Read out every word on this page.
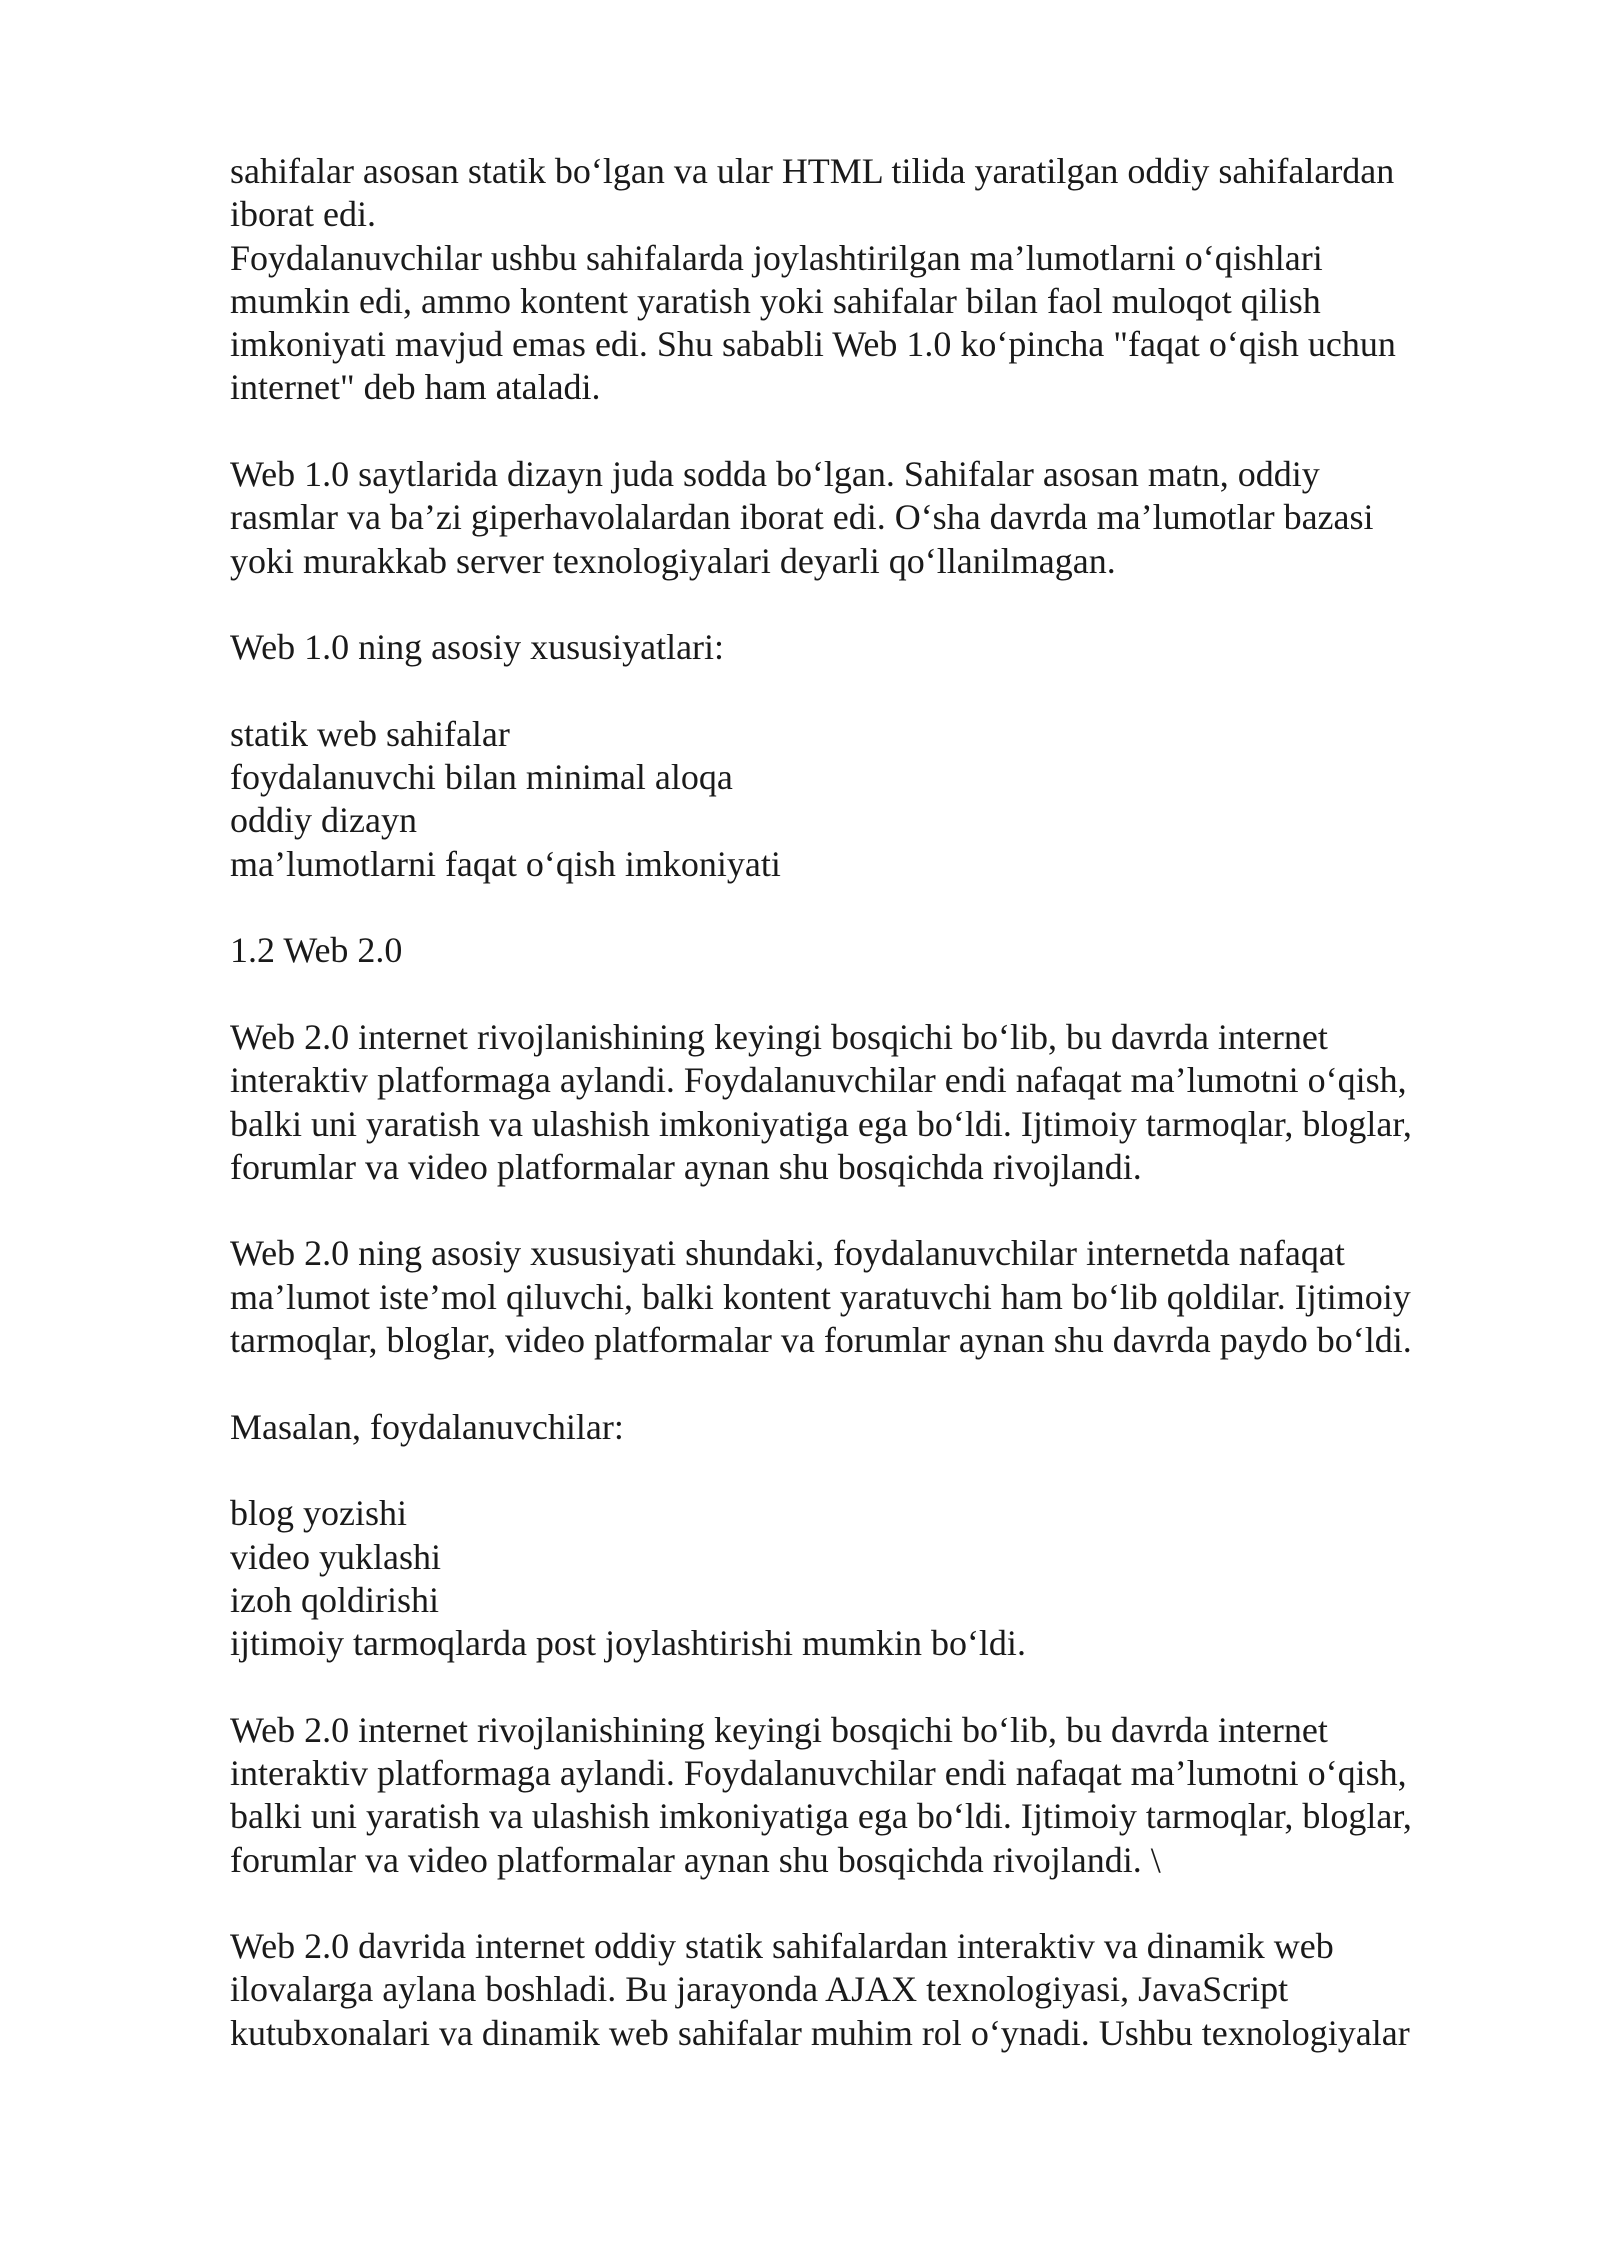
sahifalar asosan statik bo‘lgan va ular HTML tilida yaratilgan oddiy sahifalardan
iborat edi.
Foydalanuvchilar ushbu sahifalarda joylashtirilgan ma’lumotlarni o‘qishlari
mumkin edi, ammo kontent yaratish yoki sahifalar bilan faol muloqot qilish
imkoniyati mavjud emas edi. Shu sababli Web 1.0 ko‘pincha "faqat o‘qish uchun
internet" deb ham ataladi.
Web 1.0 saytlarida dizayn juda sodda bo‘lgan. Sahifalar asosan matn, oddiy
rasmlar va ba’zi giperhavolalardan iborat edi. O‘sha davrda ma’lumotlar bazasi
yoki murakkab server texnologiyalari deyarli qo‘llanilmagan.
Web 1.0 ning asosiy xususiyatlari:
statik web sahifalar
foydalanuvchi bilan minimal aloqa
oddiy dizayn
ma’lumotlarni faqat o‘qish imkoniyati
1.2 Web 2.0
Web 2.0 internet rivojlanishining keyingi bosqichi bo‘lib, bu davrda internet
interaktiv platformaga aylandi. Foydalanuvchilar endi nafaqat ma’lumotni o‘qish,
balki uni yaratish va ulashish imkoniyatiga ega bo‘ldi. Ijtimoiy tarmoqlar, bloglar,
forumlar va video platformalar aynan shu bosqichda rivojlandi.
Web 2.0 ning asosiy xususiyati shundaki, foydalanuvchilar internetda nafaqat
ma’lumot iste’mol qiluvchi, balki kontent yaratuvchi ham bo‘lib qoldilar. Ijtimoiy
tarmoqlar, bloglar, video platformalar va forumlar aynan shu davrda paydo bo‘ldi.
Masalan, foydalanuvchilar:
blog yozishi
video yuklashi
izoh qoldirishi
ijtimoiy tarmoqlarda post joylashtirishi mumkin bo‘ldi.
Web 2.0 internet rivojlanishining keyingi bosqichi bo‘lib, bu davrda internet
interaktiv platformaga aylandi. Foydalanuvchilar endi nafaqat ma’lumotni o‘qish,
balki uni yaratish va ulashish imkoniyatiga ega bo‘ldi. Ijtimoiy tarmoqlar, bloglar,
forumlar va video platformalar aynan shu bosqichda rivojlandi. \
Web 2.0 davrida internet oddiy statik sahifalardan interaktiv va dinamik web
ilovalarga aylana boshladi. Bu jarayonda AJAX texnologiyasi, JavaScript
kutubxonalari va dinamik web sahifalar muhim rol o‘ynadi. Ushbu texnologiyalar
